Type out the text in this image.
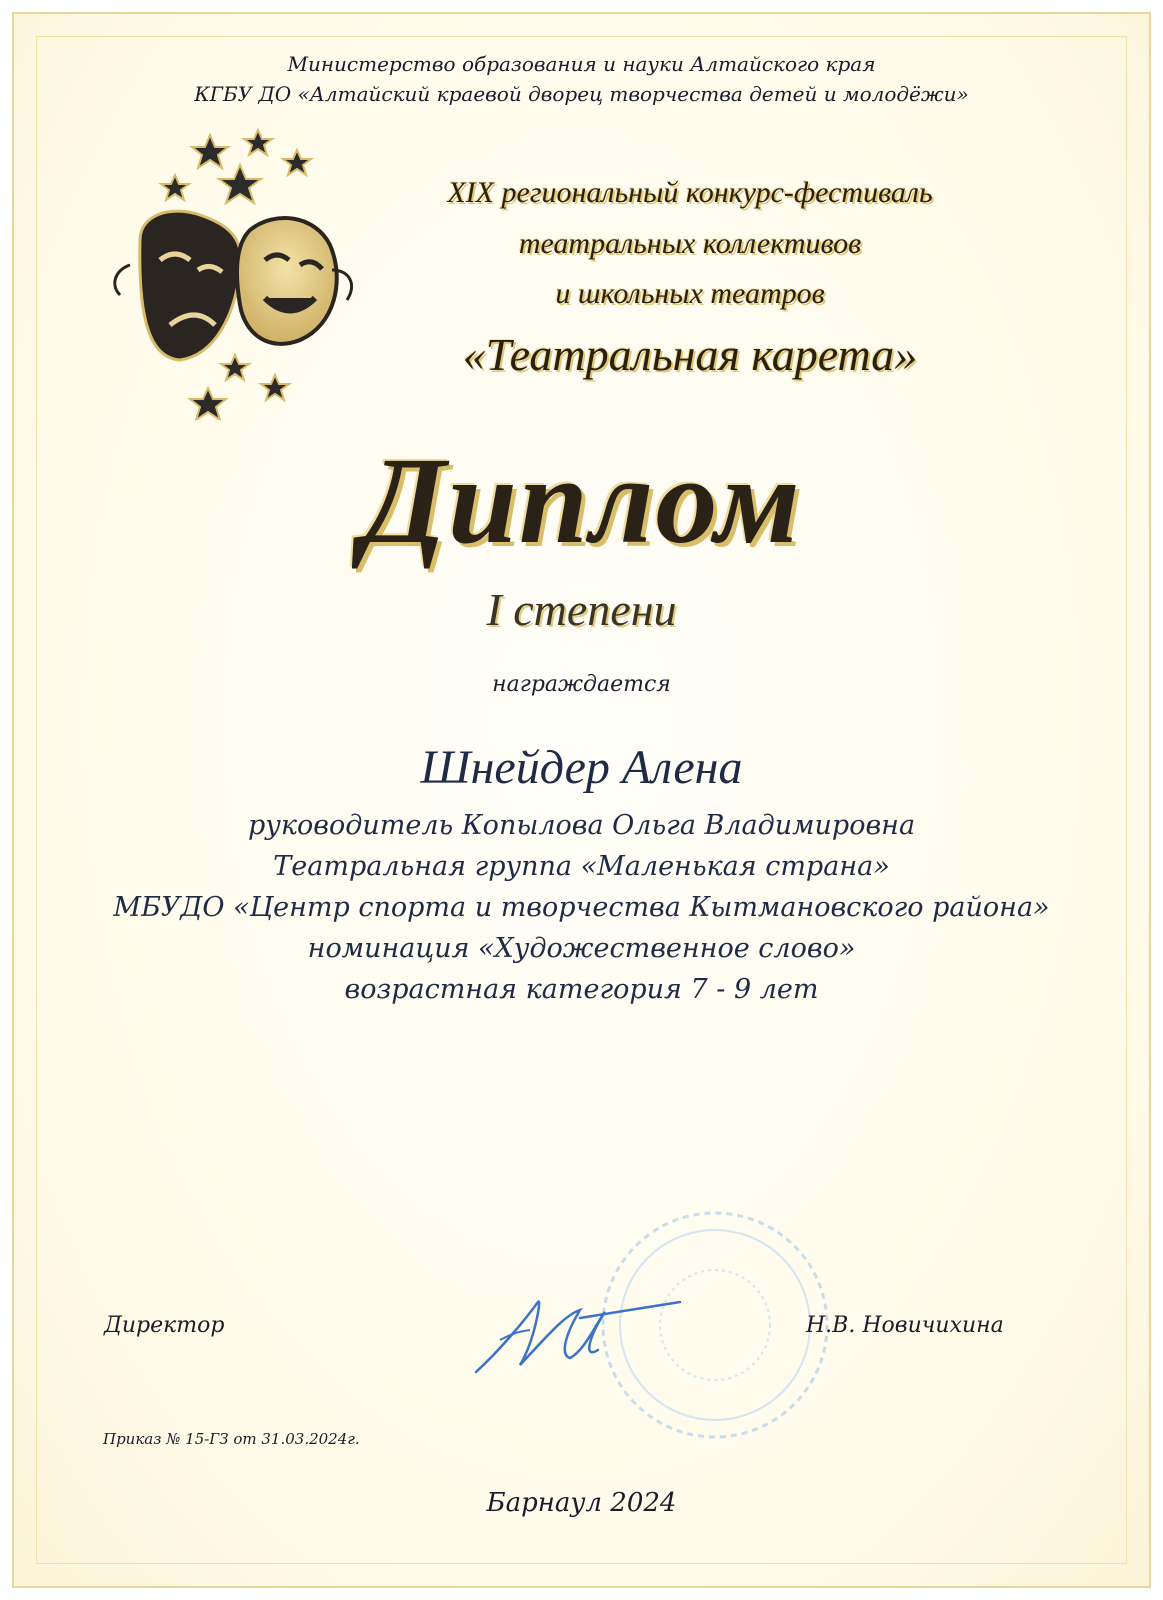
Министерство образования и науки Алтайского края
КГБУ ДО «Алтайский краевой дворец творчества детей и молодёжи»
XIX региональный конкурс-фестиваль
театральных коллективов
и школьных театров
«Театральная карета»
Диплом
I степени
награждается
Шнейдер Алена
руководитель Копылова Ольга Владимировна
Театральная группа «Маленькая страна»
МБУДО «Центр спорта и творчества Кытмановского района»
номинация «Художественное слово»
возрастная категория 7 - 9 лет
Директор	Н.В. Новичихина
Приказ № 15-ГЗ от 31.03.2024г.
Барнаул 2024
